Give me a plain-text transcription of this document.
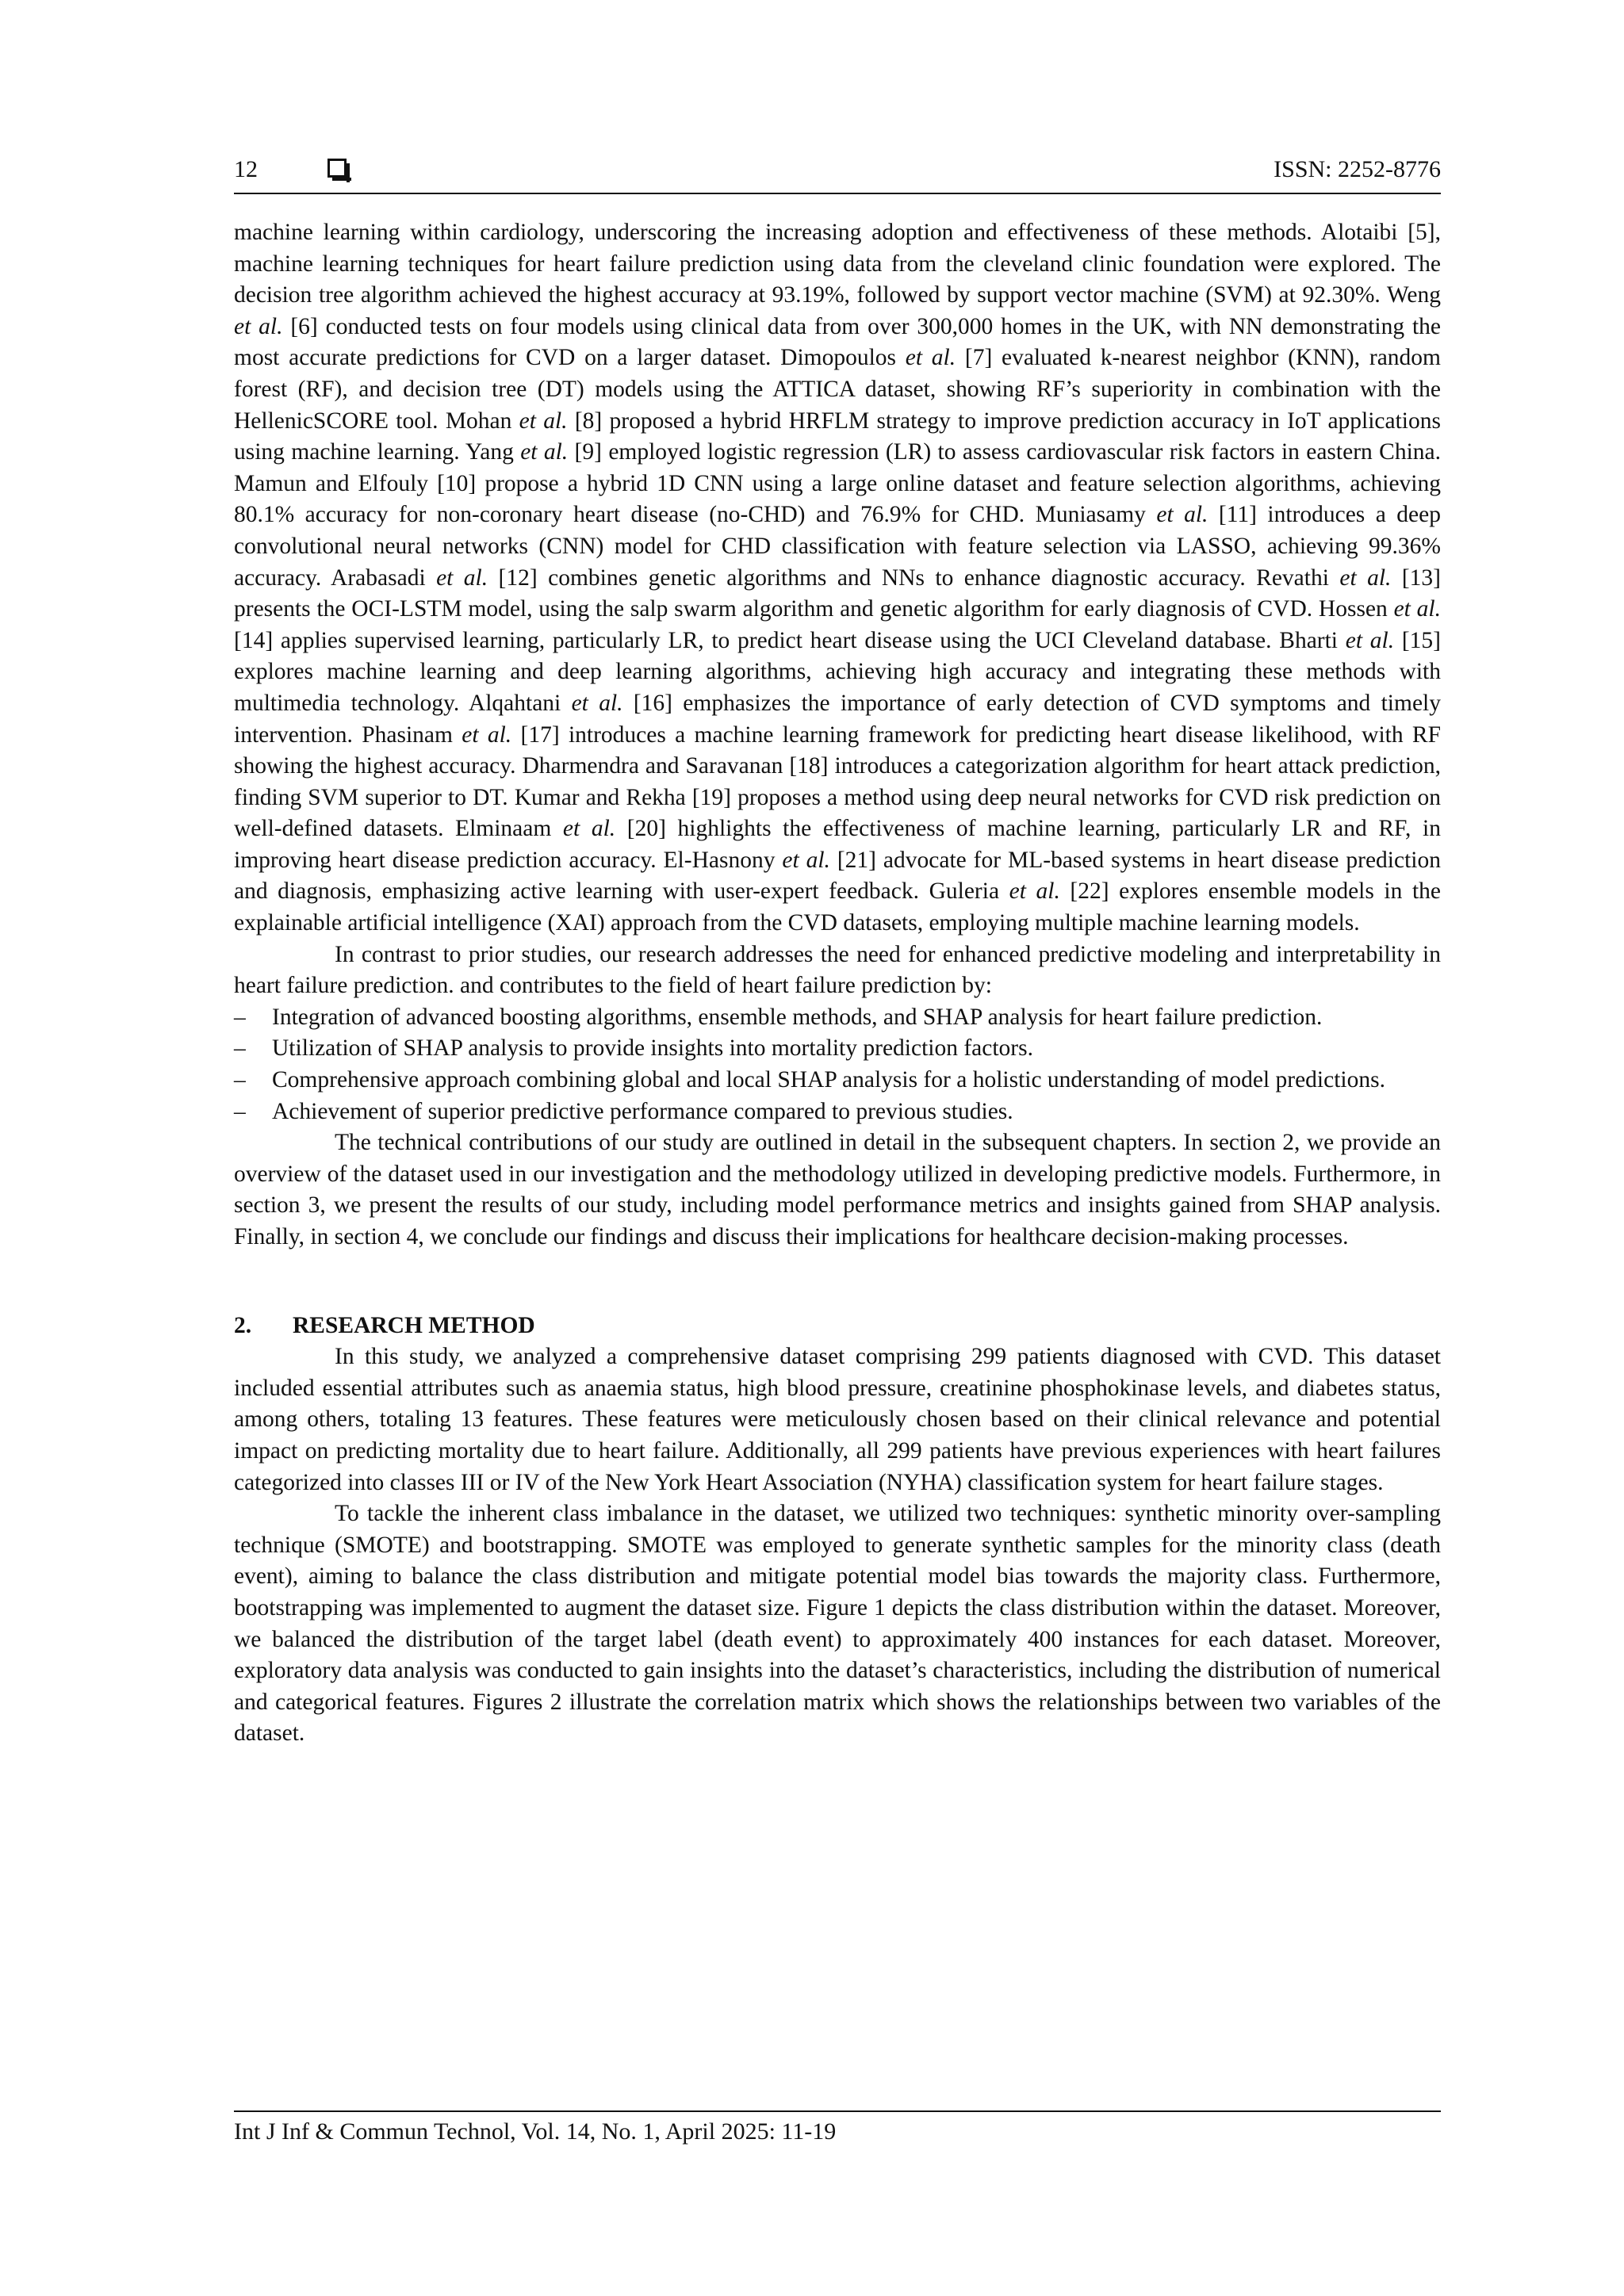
12	ISSN: 2252-8776

machine learning within cardiology, underscoring the increasing adoption and effectiveness of these methods. Alotaibi [5], machine learning techniques for heart failure prediction using data from the cleveland clinic foundation were explored. The decision tree algorithm achieved the highest accuracy at 93.19%, followed by support vector machine (SVM) at 92.30%. Weng et al. [6] conducted tests on four models using clinical data from over 300,000 homes in the UK, with NN demonstrating the most accurate predictions for CVD on a larger dataset. Dimopoulos et al. [7] evaluated k-nearest neighbor (KNN), random forest (RF), and decision tree (DT) models using the ATTICA dataset, showing RF’s superiority in combination with the HellenicSCORE tool. Mohan et al. [8] proposed a hybrid HRFLM strategy to improve prediction accuracy in IoT applications using machine learning. Yang et al. [9] employed logistic regression (LR) to assess cardiovascular risk factors in eastern China. Mamun and Elfouly [10] propose a hybrid 1D CNN using a large online dataset and feature selection algorithms, achieving 80.1% accuracy for non-coronary heart disease (no-CHD) and 76.9% for CHD. Muniasamy et al. [11] introduces a deep convolutional neural networks (CNN) model for CHD classification with feature selection via LASSO, achieving 99.36% accuracy. Arabasadi et al. [12] combines genetic algorithms and NNs to enhance diagnostic accuracy. Revathi et al. [13] presents the OCI-LSTM model, using the salp swarm algorithm and genetic algorithm for early diagnosis of CVD. Hossen et al. [14] applies supervised learning, particularly LR, to predict heart disease using the UCI Cleveland database. Bharti et al. [15] explores machine learning and deep learning algorithms, achieving high accuracy and integrating these methods with multimedia technology. Alqahtani et al. [16] emphasizes the importance of early detection of CVD symptoms and timely intervention. Phasinam et al. [17] introduces a machine learning framework for predicting heart disease likelihood, with RF showing the highest accuracy. Dharmendra and Saravanan [18] introduces a categorization algorithm for heart attack prediction, finding SVM superior to DT. Kumar and Rekha [19] proposes a method using deep neural networks for CVD risk prediction on well-defined datasets. Elminaam et al. [20] highlights the effectiveness of machine learning, particularly LR and RF, in improving heart disease prediction accuracy. El-Hasnony et al. [21] advocate for ML-based systems in heart disease prediction and diagnosis, emphasizing active learning with user-expert feedback. Guleria et al. [22] explores ensemble models in the explainable artificial intelligence (XAI) approach from the CVD datasets, employing multiple machine learning models.

In contrast to prior studies, our research addresses the need for enhanced predictive modeling and interpretability in heart failure prediction. and contributes to the field of heart failure prediction by:

– Integration of advanced boosting algorithms, ensemble methods, and SHAP analysis for heart failure prediction.
– Utilization of SHAP analysis to provide insights into mortality prediction factors.
– Comprehensive approach combining global and local SHAP analysis for a holistic understanding of model predictions.
– Achievement of superior predictive performance compared to previous studies.

The technical contributions of our study are outlined in detail in the subsequent chapters. In section 2, we provide an overview of the dataset used in our investigation and the methodology utilized in developing predictive models. Furthermore, in section 3, we present the results of our study, including model performance metrics and insights gained from SHAP analysis. Finally, in section 4, we conclude our findings and discuss their implications for healthcare decision-making processes.

2. RESEARCH METHOD

In this study, we analyzed a comprehensive dataset comprising 299 patients diagnosed with CVD. This dataset included essential attributes such as anaemia status, high blood pressure, creatinine phosphokinase levels, and diabetes status, among others, totaling 13 features. These features were meticulously chosen based on their clinical relevance and potential impact on predicting mortality due to heart failure. Additionally, all 299 patients have previous experiences with heart failures categorized into classes III or IV of the New York Heart Association (NYHA) classification system for heart failure stages.

To tackle the inherent class imbalance in the dataset, we utilized two techniques: synthetic minority over-sampling technique (SMOTE) and bootstrapping. SMOTE was employed to generate synthetic samples for the minority class (death event), aiming to balance the class distribution and mitigate potential model bias towards the majority class. Furthermore, bootstrapping was implemented to augment the dataset size. Figure 1 depicts the class distribution within the dataset. Moreover, we balanced the distribution of the target label (death event) to approximately 400 instances for each dataset. Moreover, exploratory data analysis was conducted to gain insights into the dataset’s characteristics, including the distribution of numerical and categorical features. Figures 2 illustrate the correlation matrix which shows the relationships between two variables of the dataset.

Int J Inf & Commun Technol, Vol. 14, No. 1, April 2025: 11-19
